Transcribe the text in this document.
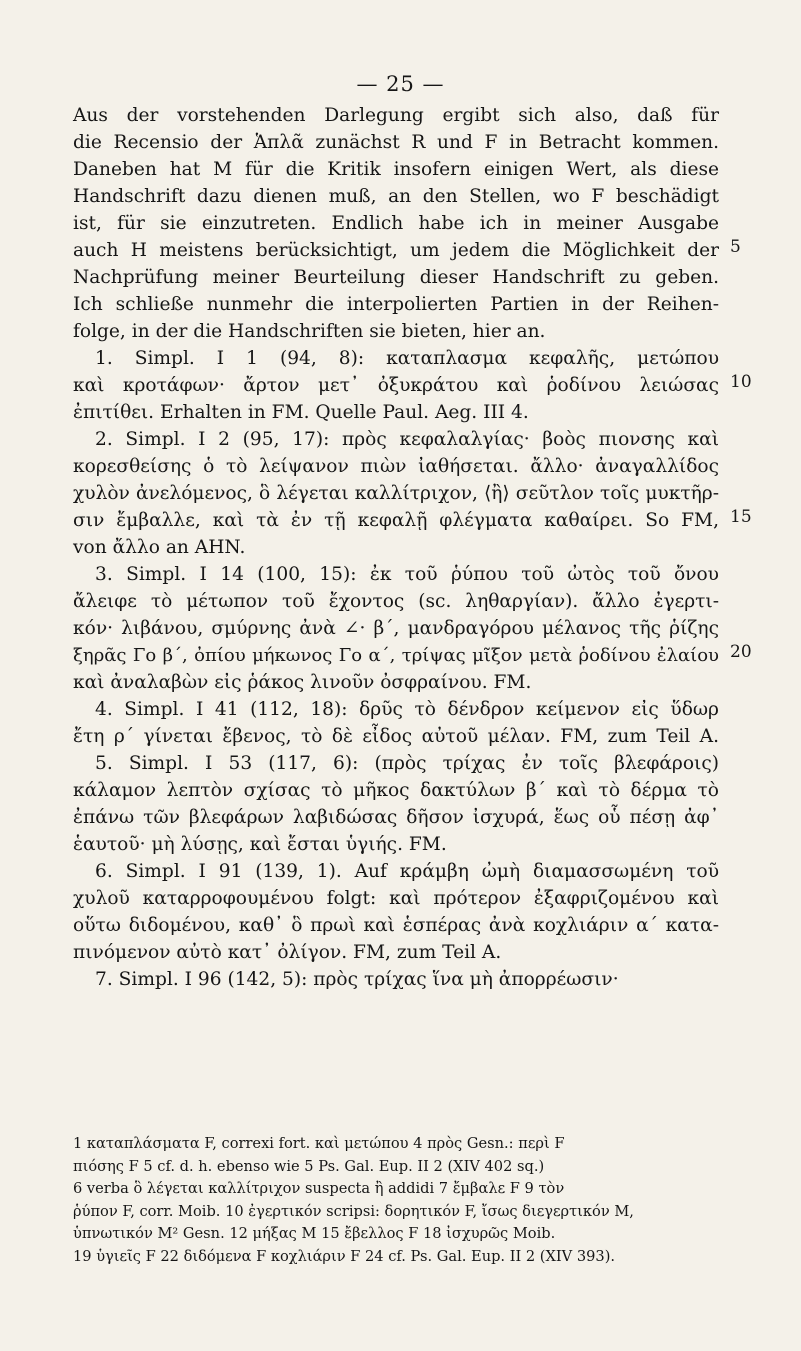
— 25 —
Aus der vorstehenden Darlegung ergibt sich also, daß für
die Recensio der Ἁπλᾶ zunächst R und F in Betracht kommen.
Daneben hat M für die Kritik insofern einigen Wert, als diese
Handschrift dazu dienen muß, an den Stellen, wo F beschädigt
ist, für sie einzutreten. Endlich habe ich in meiner Ausgabe
auch H meistens berücksichtigt, um jedem die Möglichkeit der
Nachprüfung meiner Beurteilung dieser Handschrift zu geben.
Ich schließe nunmehr die interpolierten Partien in der Reihen-
folge, in der die Handschriften sie bieten, hier an.
1. Simpl. I 1 (94, 8): καταπλασμα κεφαλῆς, μετώπου
καὶ κροτάφων· ἄρτον μετ᾿ ὀξυκράτου καὶ ῥοδίνου λειώσας
ἐπιτίθει. Erhalten in FM. Quelle Paul. Aeg. III 4.
2. Simpl. I 2 (95, 17): πρὸς κεφαλαλγίας· βοὸς πιονσης καὶ
κορεσθείσης ὁ τὸ λείψανον πιὼν ἰαθήσεται. ἄλλο· ἀναγαλλίδος
χυλὸν ἀνελόμενος, ὃ λέγεται καλλίτριχον, ⟨ἢ⟩ σεῦτλον τοῖς μυκτῆρ-
σιν ἔμβαλλε, καὶ τὰ ἐν τῇ κεφαλῇ φλέγματα καθαίρει. So FM,
von ἄλλο an AHN.
3. Simpl. I 14 (100, 15): ἐκ τοῦ ῥύπου τοῦ ὠτὸς τοῦ ὄνου
ἄλειφε τὸ μέτωπον τοῦ ἔχοντος (sc. ληθαργίαν). ἄλλο ἐγερτι-
κόν· λιβάνου, σμύρνης ἀνὰ ∠· β΄, μανδραγόρου μέλανος τῆς ῥίζης
ξηρᾶς Γο β΄, ὀπίου μήκωνος Γο α΄, τρίψας μῖξον μετὰ ῥοδίνου ἐλαίου
καὶ ἀναλαβὼν εἰς ῥάκος λινοῦν ὀσφραίνου. FM.
4. Simpl. I 41 (112, 18): δρῦς τὸ δένδρον κείμενον εἰς ὕδωρ
ἔτη ρ΄ γίνεται ἔβενος, τὸ δὲ εἶδος αὐτοῦ μέλαν. FM, zum Teil A.
5. Simpl. I 53 (117, 6): (πρὸς τρίχας ἐν τοῖς βλεφάροις)
κάλαμον λεπτὸν σχίσας τὸ μῆκος δακτύλων β΄ καὶ τὸ δέρμα τὸ
ἐπάνω τῶν βλεφάρων λαβιδώσας δῆσον ἰσχυρά, ἕως οὗ πέσῃ ἀφ᾿
ἑαυτοῦ· μὴ λύσῃς, καὶ ἔσται ὑγιής. FM.
6. Simpl. I 91 (139, 1). Auf κράμβη ὠμὴ διαμασσωμένη τοῦ
χυλοῦ καταρροφουμένου folgt: καὶ πρότερον ἐξαφριζομένου καὶ
οὕτω διδομένου, καθ᾿ ὃ πρωὶ καὶ ἑσπέρας ἀνὰ κοχλιάριν α΄ κατα-
πινόμενον αὐτὸ κατ᾿ ὀλίγον. FM, zum Teil A.
7. Simpl. I 96 (142, 5): πρὸς τρίχας ἵνα μὴ ἀπορρέωσιν·
5
10
15
20
1 καταπλάσματα F, correxi fort. καὶ μετώπου 4 πρὸς Gesn.: περὶ F
πιόσης F 5 cf. d. h. ebenso wie 5 Ps. Gal. Eup. II 2 (XIV 402 sq.)
6 verba ὃ λέγεται καλλίτριχον suspecta ἢ addidi 7 ἔμβαλε F 9 τὸν
ῥύπον F, corr. Moib. 10 ἐγερτικόν scripsi: δορητικόν F, ἴσως διεγερτικόν M,
ὑπνωτικόν M² Gesn. 12 μήξας M 15 ἔβελλος F 18 ἰσχυρῶς Moib.
19 ὑγιεῖς F 22 διδόμενα F κοχλιάριν F 24 cf. Ps. Gal. Eup. II 2 (XIV 393).
